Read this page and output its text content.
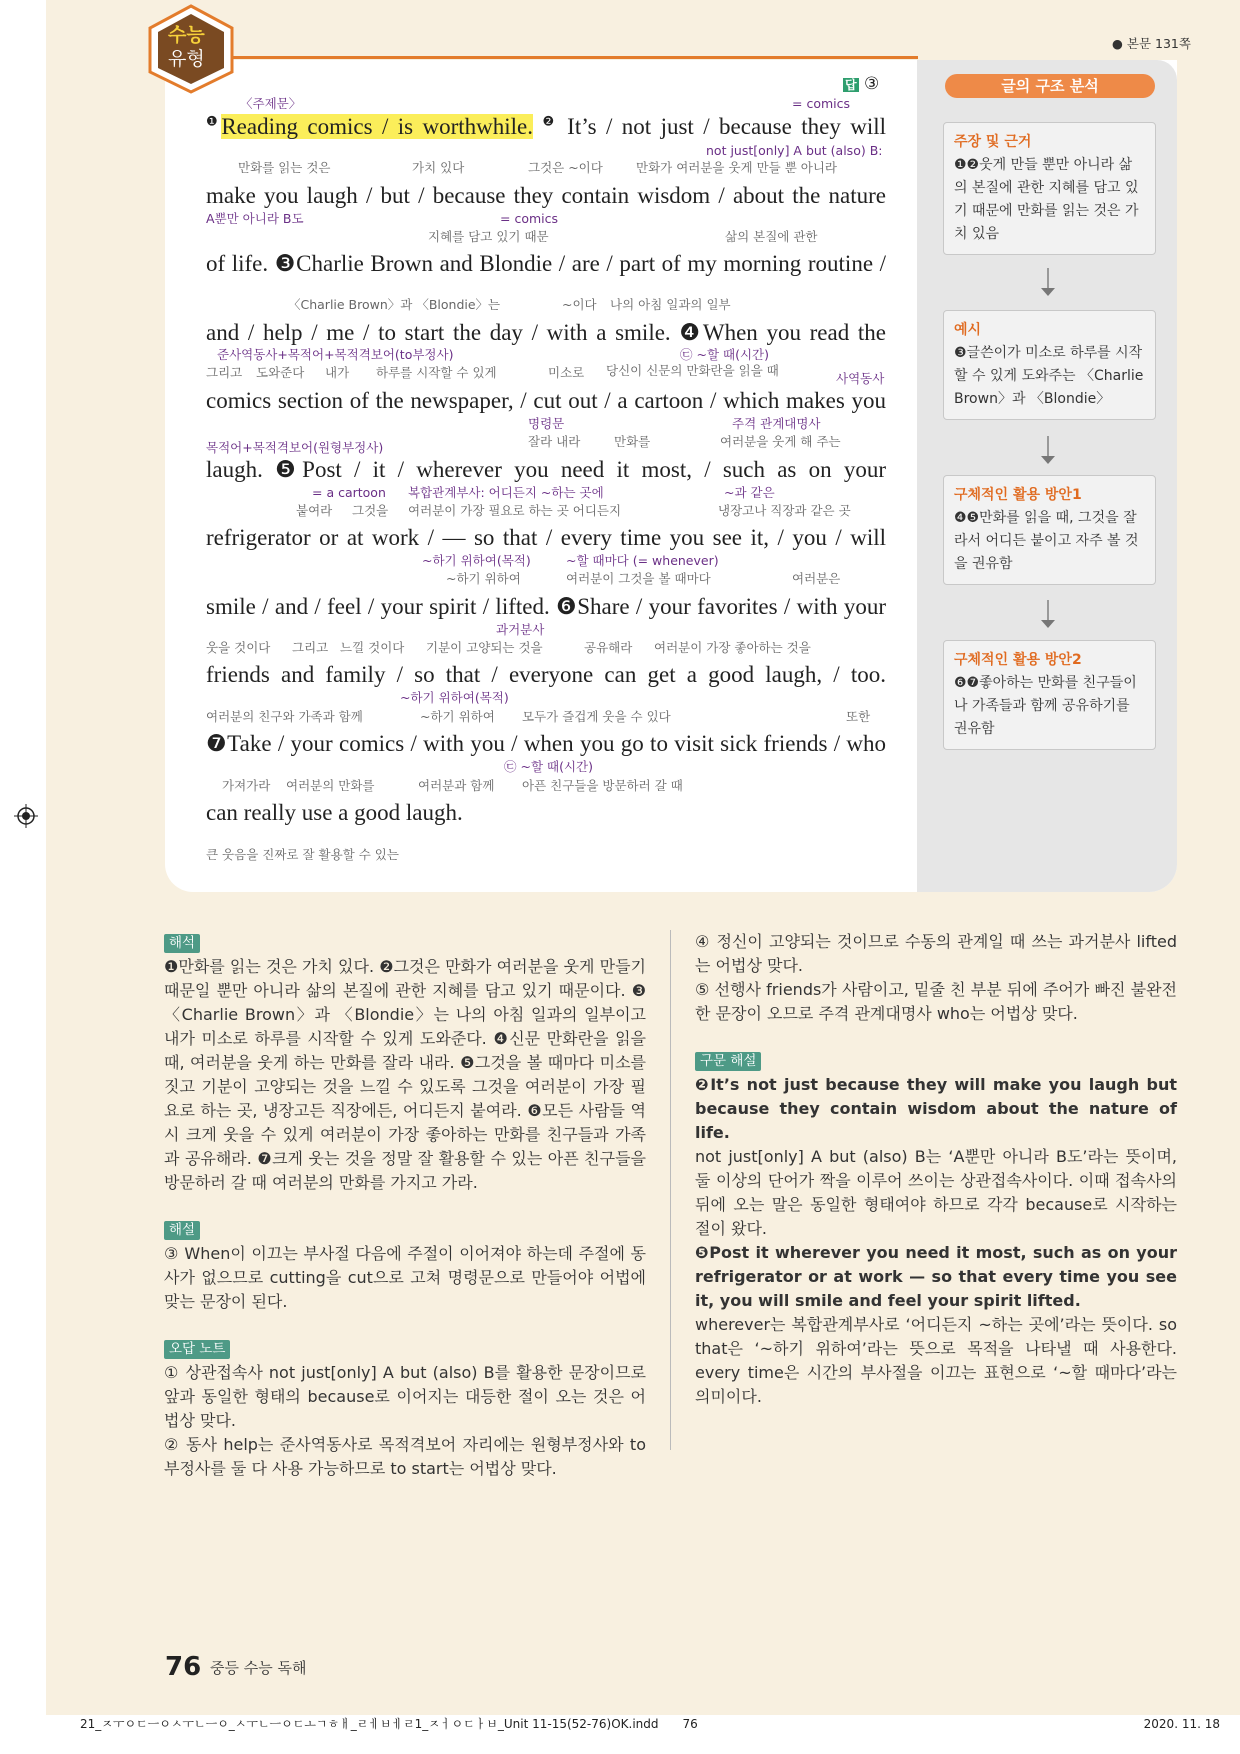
수능
유형
● 본문 131쪽
답 ③
〈주제문〉
$^❶$Reading comics / is worthwhile. $^❷$ It’s / not just / because they will
= comics
not just[only] A but (also) B:
만화를 읽는 것은	가치 있다	그것은 ~이다	만화가 여러분을 웃게 만들 뿐 아니라
make you laugh / but / because they contain wisdom / about the nature
A뿐만 아니라 B도	= comics
지혜를 담고 있기 때문	삶의 본질에 관한
of life. ❸Charlie Brown and Blondie / are / part of my morning routine /
〈Charlie Brown〉과 〈Blondie〉는	~이다 나의 아침 일과의 일부
and / help / me / to start the day / with a smile. ❹When you read the
준사역동사+목적어+목적격보어(to부정사)	㉢ ~할 때(시간)
그리고 도와준다 내가 하루를 시작할 수 있게	미소로 당신이 신문의 만화란을 읽을 때
사역동사
comics section of the newspaper, / cut out / a cartoon / which makes you
명령문	주격 관계대명사
잘라 내라	만화를	여러분을 웃게 해 주는
목적어+목적격보어(원형부정사)
laugh. ❺Post / it / wherever you need it most, / such as on your
= a cartoon 복합관계부사: 어디든지 ~하는 곳에	~과 같은
붙여라 그것을 여러분이 가장 필요로 하는 곳 어디든지	냉장고나 직장과 같은 곳
refrigerator or at work / — so that / every time you see it, / you / will
~하기 위하여(목적)	~할 때마다 (= whenever)
~하기 위하여	여러분이 그것을 볼 때마다	여러분은
smile / and / feel / your spirit / lifted. ❻Share / your favorites / with your
과거분사
웃을 것이다 그리고 느낄 것이다 기분이 고양되는 것을	공유해라 여러분이 가장 좋아하는 것을
friends and family / so that / everyone can get a good laugh, / too.
~하기 위하여(목적)
여러분의 친구와 가족과 함께	~하기 위하여 모두가 즐겁게 웃을 수 있다	또한
❼Take / your comics / with you / when you go to visit sick friends / who
㉢ ~할 때(시간)
가져가라 여러분의 만화를	여러분과 함께 아픈 친구들을 방문하러 갈 때
can really use a good laugh.
큰 웃음을 진짜로 잘 활용할 수 있는
글의 구조 분석
주장 및 근거
❶❷웃게 만들 뿐만 아니라 삶의 본질에 관한 지혜를 담고 있기 때문에 만화를 읽는 것은 가치 있음
예시
❸글쓴이가 미소로 하루를 시작할 수 있게 도와주는 〈Charlie Brown〉과 〈Blondie〉
구체적인 활용 방안1
❹❺만화를 읽을 때, 그것을 잘라서 어디든 붙이고 자주 볼 것을 권유함
구체적인 활용 방안2
❻❼좋아하는 만화를 친구들이나 가족들과 함께 공유하기를 권유함
해석
❶만화를 읽는 것은 가치 있다. ❷그것은 만화가 여러분을 웃게 만들기 때문일 뿐만 아니라 삶의 본질에 관한 지혜를 담고 있기 때문이다. ❸〈Charlie Brown〉과 〈Blondie〉는 나의 아침 일과의 일부이고 내가 미소로 하루를 시작할 수 있게 도와준다. ❹신문 만화란을 읽을 때, 여러분을 웃게 하는 만화를 잘라 내라. ❺그것을 볼 때마다 미소를 짓고 기분이 고양되는 것을 느낄 수 있도록 그것을 여러분이 가장 필요로 하는 곳, 냉장고든 직장에든, 어디든지 붙여라. ❻모든 사람들 역시 크게 웃을 수 있게 여러분이 가장 좋아하는 만화를 친구들과 가족과 공유해라. ❼크게 웃는 것을 정말 잘 활용할 수 있는 아픈 친구들을 방문하러 갈 때 여러분의 만화를 가지고 가라.
해설
③ When이 이끄는 부사절 다음에 주절이 이어져야 하는데 주절에 동사가 없으므로 cutting을 cut으로 고쳐 명령문으로 만들어야 어법에 맞는 문장이 된다.
오답 노트
① 상관접속사 not just[only] A but (also) B를 활용한 문장이므로 앞과 동일한 형태의 because로 이어지는 대등한 절이 오는 것은 어법상 맞다.
② 동사 help는 준사역동사로 목적격보어 자리에는 원형부정사와 to부정사를 둘 다 사용 가능하므로 to start는 어법상 맞다.
④ 정신이 고양되는 것이므로 수동의 관계일 때 쓰는 과거분사 lifted는 어법상 맞다.
⑤ 선행사 friends가 사람이고, 밑줄 친 부분 뒤에 주어가 빠진 불완전한 문장이 오므로 주격 관계대명사 who는 어법상 맞다.
구문 해설
❷It’s not just because they will make you laugh but because they contain wisdom about the nature of life.
not just[only] A but (also) B는 ‘A뿐만 아니라 B도’라는 뜻이며, 둘 이상의 단어가 짝을 이루어 쓰이는 상관접속사이다. 이때 접속사의 뒤에 오는 말은 동일한 형태여야 하므로 각각 because로 시작하는 절이 왔다.
❺Post it wherever you need it most, such as on your refrigerator or at work — so that every time you see it, you will smile and feel your spirit lifted.
wherever는 복합관계부사로 ‘어디든지 ~하는 곳에’라는 뜻이다. so that은 ‘~하기 위하여’라는 뜻으로 목적을 나타낼 때 사용한다. every time은 시간의 부사절을 이끄는 표현으로 ‘~할 때마다’라는 의미이다.
76 중등 수능 독해
21_ㅈㅜㅇㄷㅡㅇㅅㅜㄴㅡㅇ_ㅅㅜㄴㅡㅇㄷㅗㄱㅎㅐ_ㄹㅔㅂㅔㄹ1_ㅈㅓㅇㄷㅏㅂ_Unit 11-15(52-76)OK.indd 76	2020. 11. 18
